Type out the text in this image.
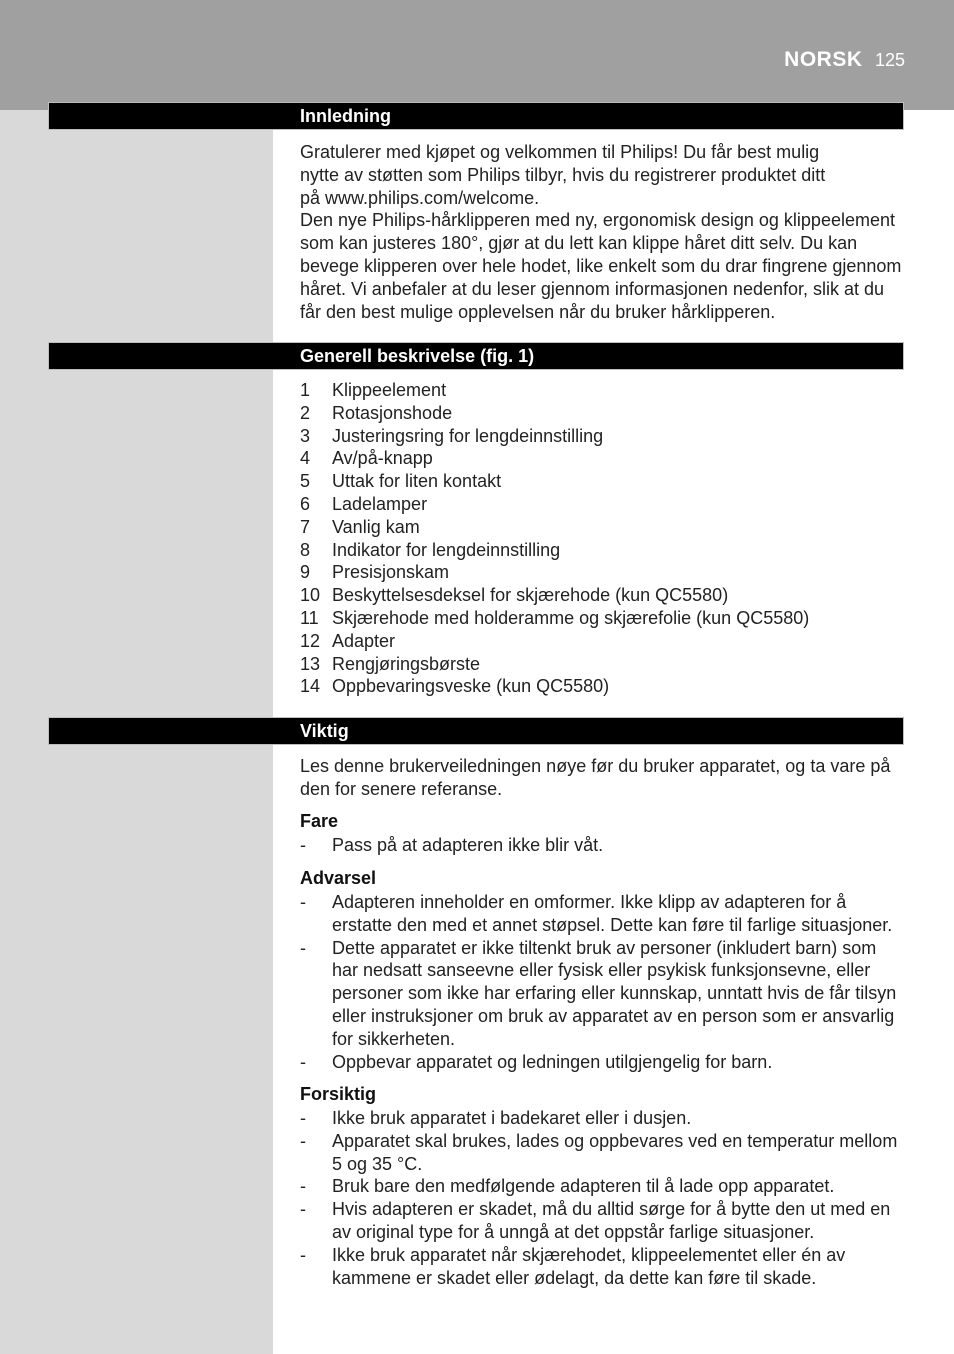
NORSK 125
Innledning

Gratulerer med kjøpet og velkommen til Philips! Du får best mulig nytte av støtten som Philips tilbyr, hvis du registrerer produktet ditt på www.philips.com/welcome.

Den nye Philips-hårklipperen med ny, ergonomisk design og klippeelement som kan justeres 180°, gjør at du lett kan klippe håret ditt selv. Du kan bevege klipperen over hele hodet, like enkelt som du drar fingrene gjennom håret. Vi anbefaler at du leser gjennom informasjonen nedenfor, slik at du får den best mulige opplevelsen når du bruker hårklipperen.

Generell beskrivelse (fig. 1)
1	Klippeelement
2	Rotasjonshode
3	Justeringsring for lengdeinnstilling
4	Av/på-knapp
5	Uttak for liten kontakt
6	Ladelamper
7	Vanlig kam
8	Indikator for lengdeinnstilling
9	Presisjonskam
10 Beskyttelsesdeksel for skjærehode (kun QC5580)
11 Skjærehode med holderamme og skjærefolie (kun QC5580)
12 Adapter
13 Rengjøringsbørste
14 Oppbevaringsveske (kun QC5580)
Viktig

Les denne brukerveiledningen nøye før du bruker apparatet, og ta vare på den for senere referanse.

Fare
-	Pass på at adapteren ikke blir våt.
Advarsel
-	Adapteren inneholder en omformer. Ikke klipp av adapteren for å erstatte den med et annet støpsel. Dette kan føre til farlige situasjoner.
-	Dette apparatet er ikke tiltenkt bruk av personer (inkludert barn) som har nedsatt sanseevne eller fysisk eller psykisk funksjonsevne, eller personer som ikke har erfaring eller kunnskap, unntatt hvis de får tilsyn eller instruksjoner om bruk av apparatet av en person som er ansvarlig for sikkerheten.
-	Oppbevar apparatet og ledningen utilgjengelig for barn.
Forsiktig
-	Ikke bruk apparatet i badekaret eller i dusjen.
-	Apparatet skal brukes, lades og oppbevares ved en temperatur mellom 5 og 35 °C.
-	Bruk bare den medfølgende adapteren til å lade opp apparatet.
-	Hvis adapteren er skadet, må du alltid sørge for å bytte den ut med en av original type for å unngå at det oppstår farlige situasjoner.
-	Ikke bruk apparatet når skjærehodet, klippeelementet eller én av kammene er skadet eller ødelagt, da dette kan føre til skade.
